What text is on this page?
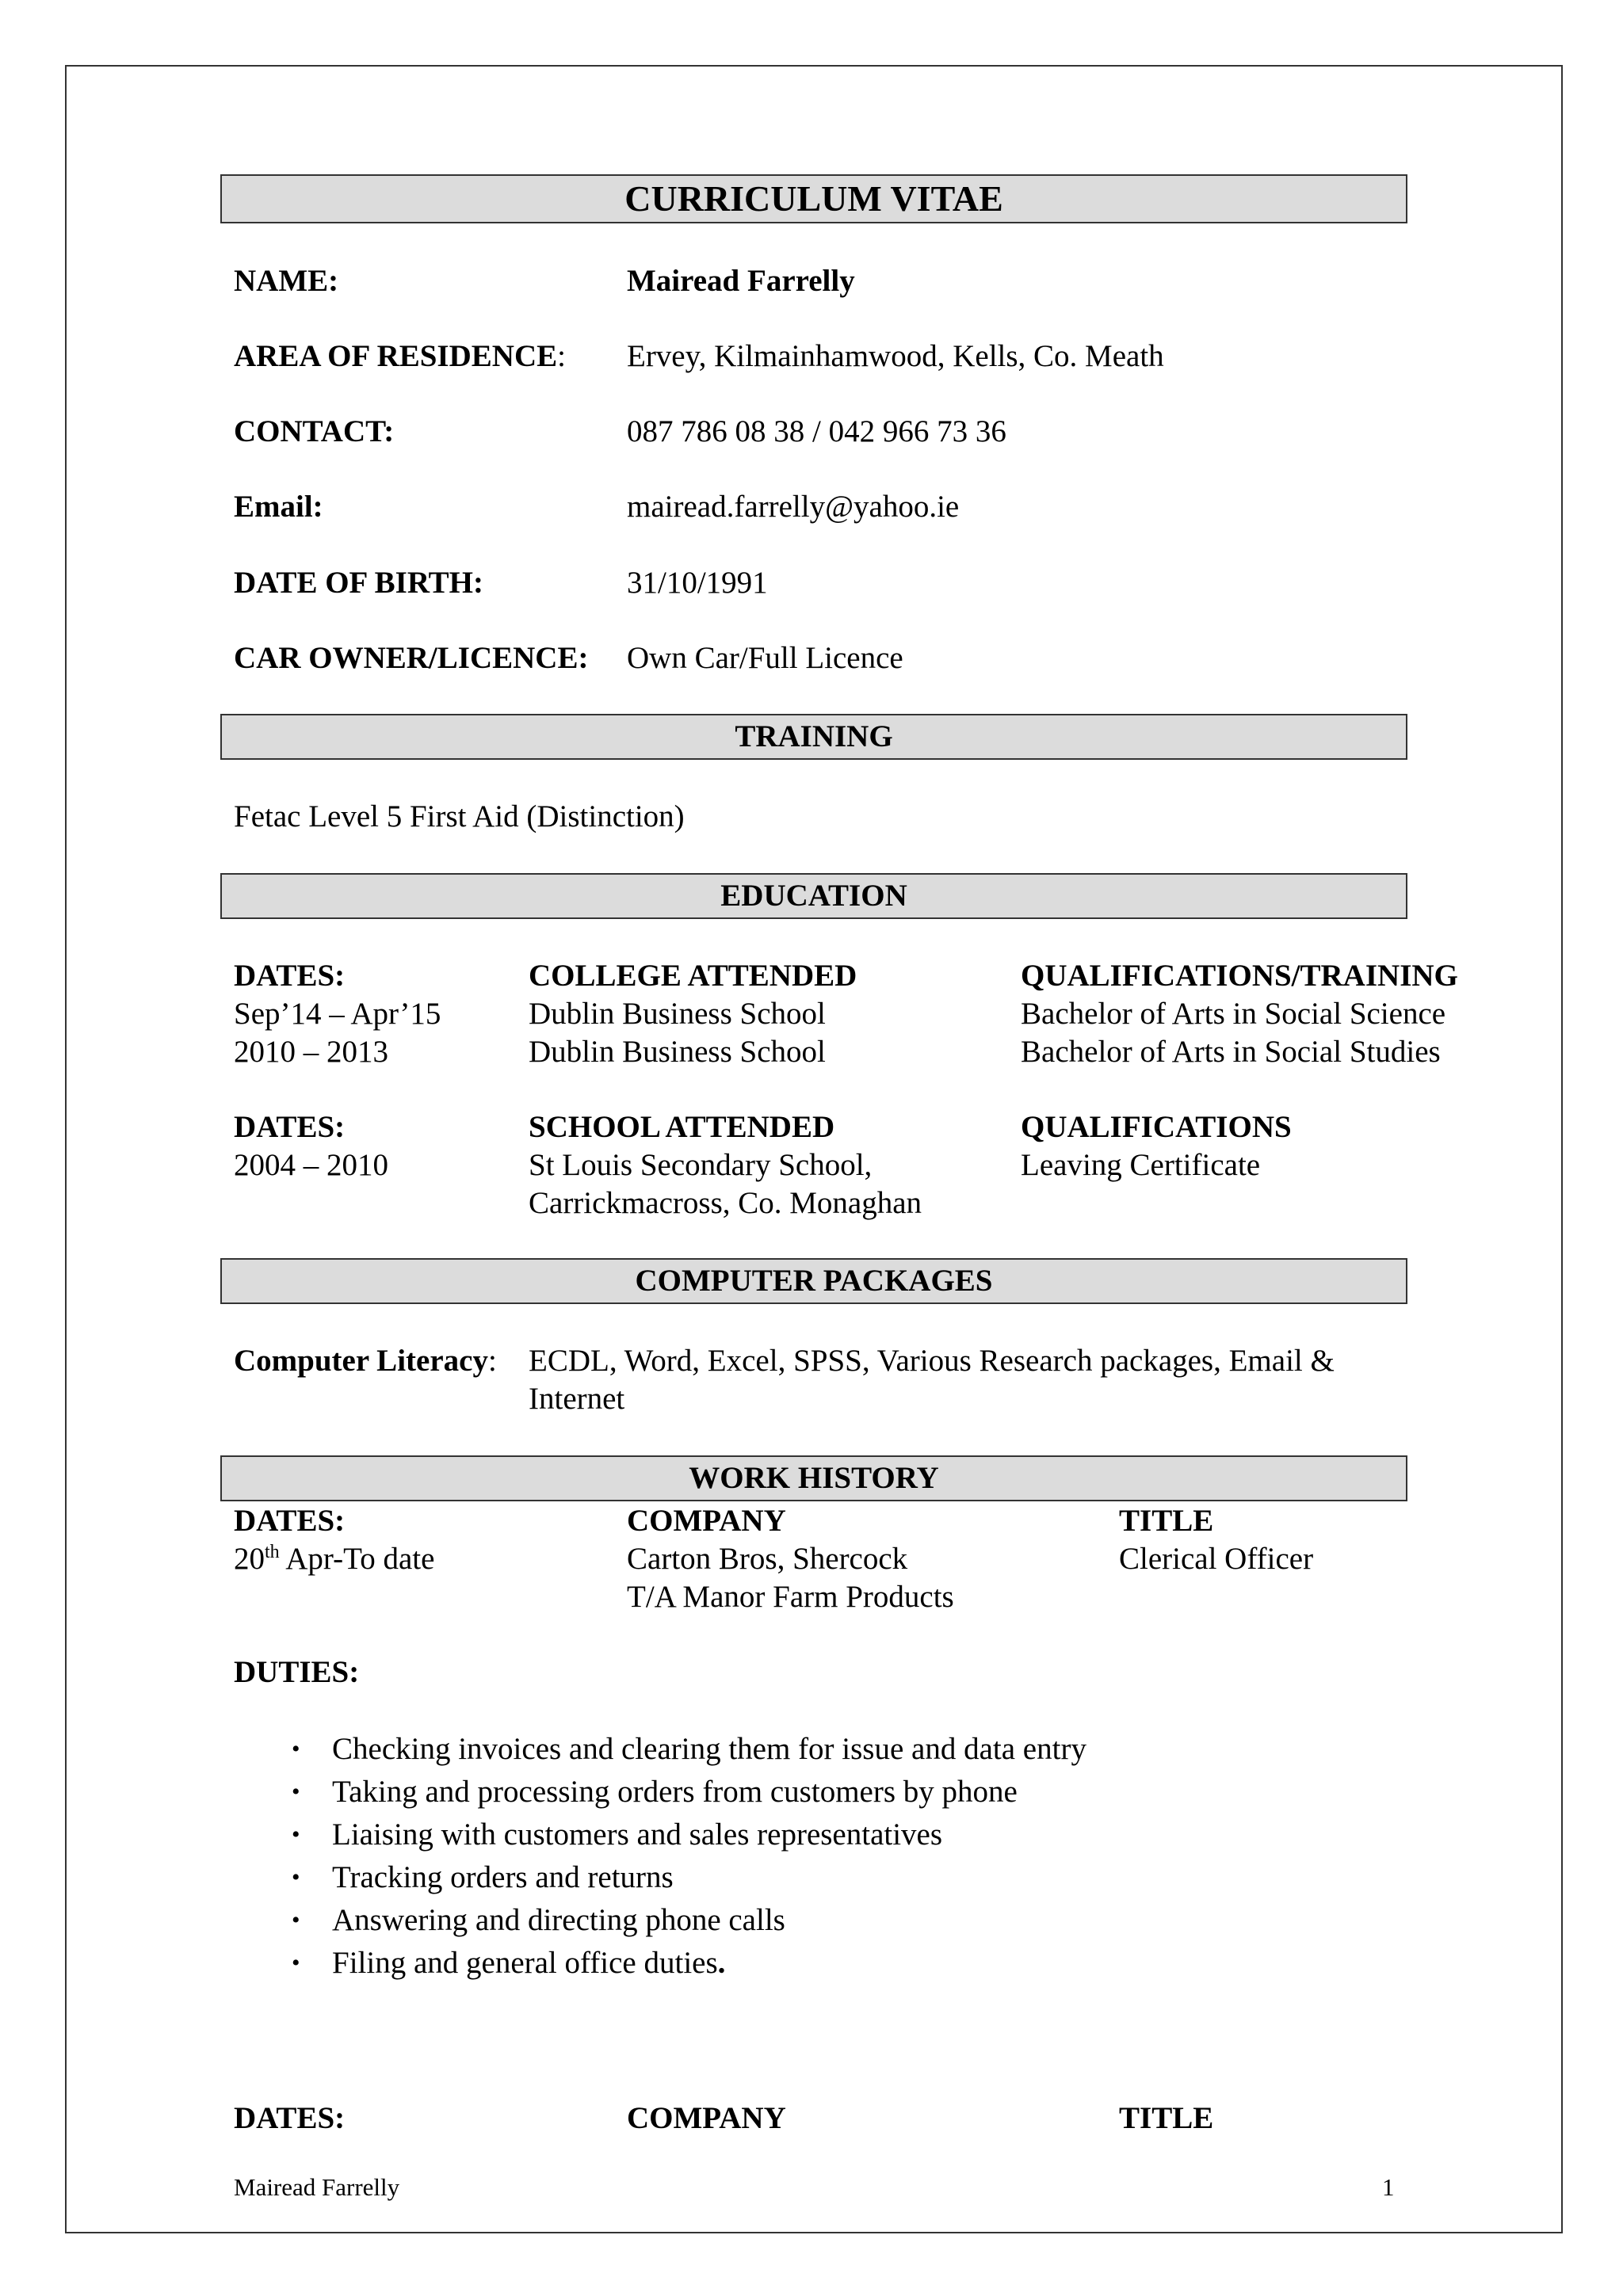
CURRICULUM VITAE
NAME:	Mairead Farrelly
AREA OF RESIDENCE: Ervey, Kilmainhamwood, Kells, Co. Meath
CONTACT:	087 786 08 38 / 042 966 73 36
Email:	mairead.farrelly@yahoo.ie
DATE OF BIRTH:	31/10/1991
CAR OWNER/LICENCE: Own Car/Full Licence
TRAINING
Fetac Level 5 First Aid (Distinction)
EDUCATION
DATES:	COLLEGE ATTENDED	QUALIFICATIONS/TRAINING
Sep’14 – Apr’15	Dublin Business School	Bachelor of Arts in Social Science
2010 – 2013	Dublin Business School	Bachelor of Arts in Social Studies
DATES:	SCHOOL ATTENDED	QUALIFICATIONS
2004 – 2010	St Louis Secondary School,	Leaving Certificate
Carrickmacross, Co. Monaghan
COMPUTER PACKAGES
Computer Literacy: ECDL, Word, Excel, SPSS, Various Research packages, Email &
Internet
WORK HISTORY
DATES:	COMPANY	TITLE
20th Apr-To date	Carton Bros, Shercock	Clerical Officer
T/A Manor Farm Products
DUTIES:
• Checking invoices and clearing them for issue and data entry
• Taking and processing orders from customers by phone
• Liaising with customers and sales representatives
• Tracking orders and returns
• Answering and directing phone calls
• Filing and general office duties.
DATES:	COMPANY	TITLE
Mairead Farrelly	1
